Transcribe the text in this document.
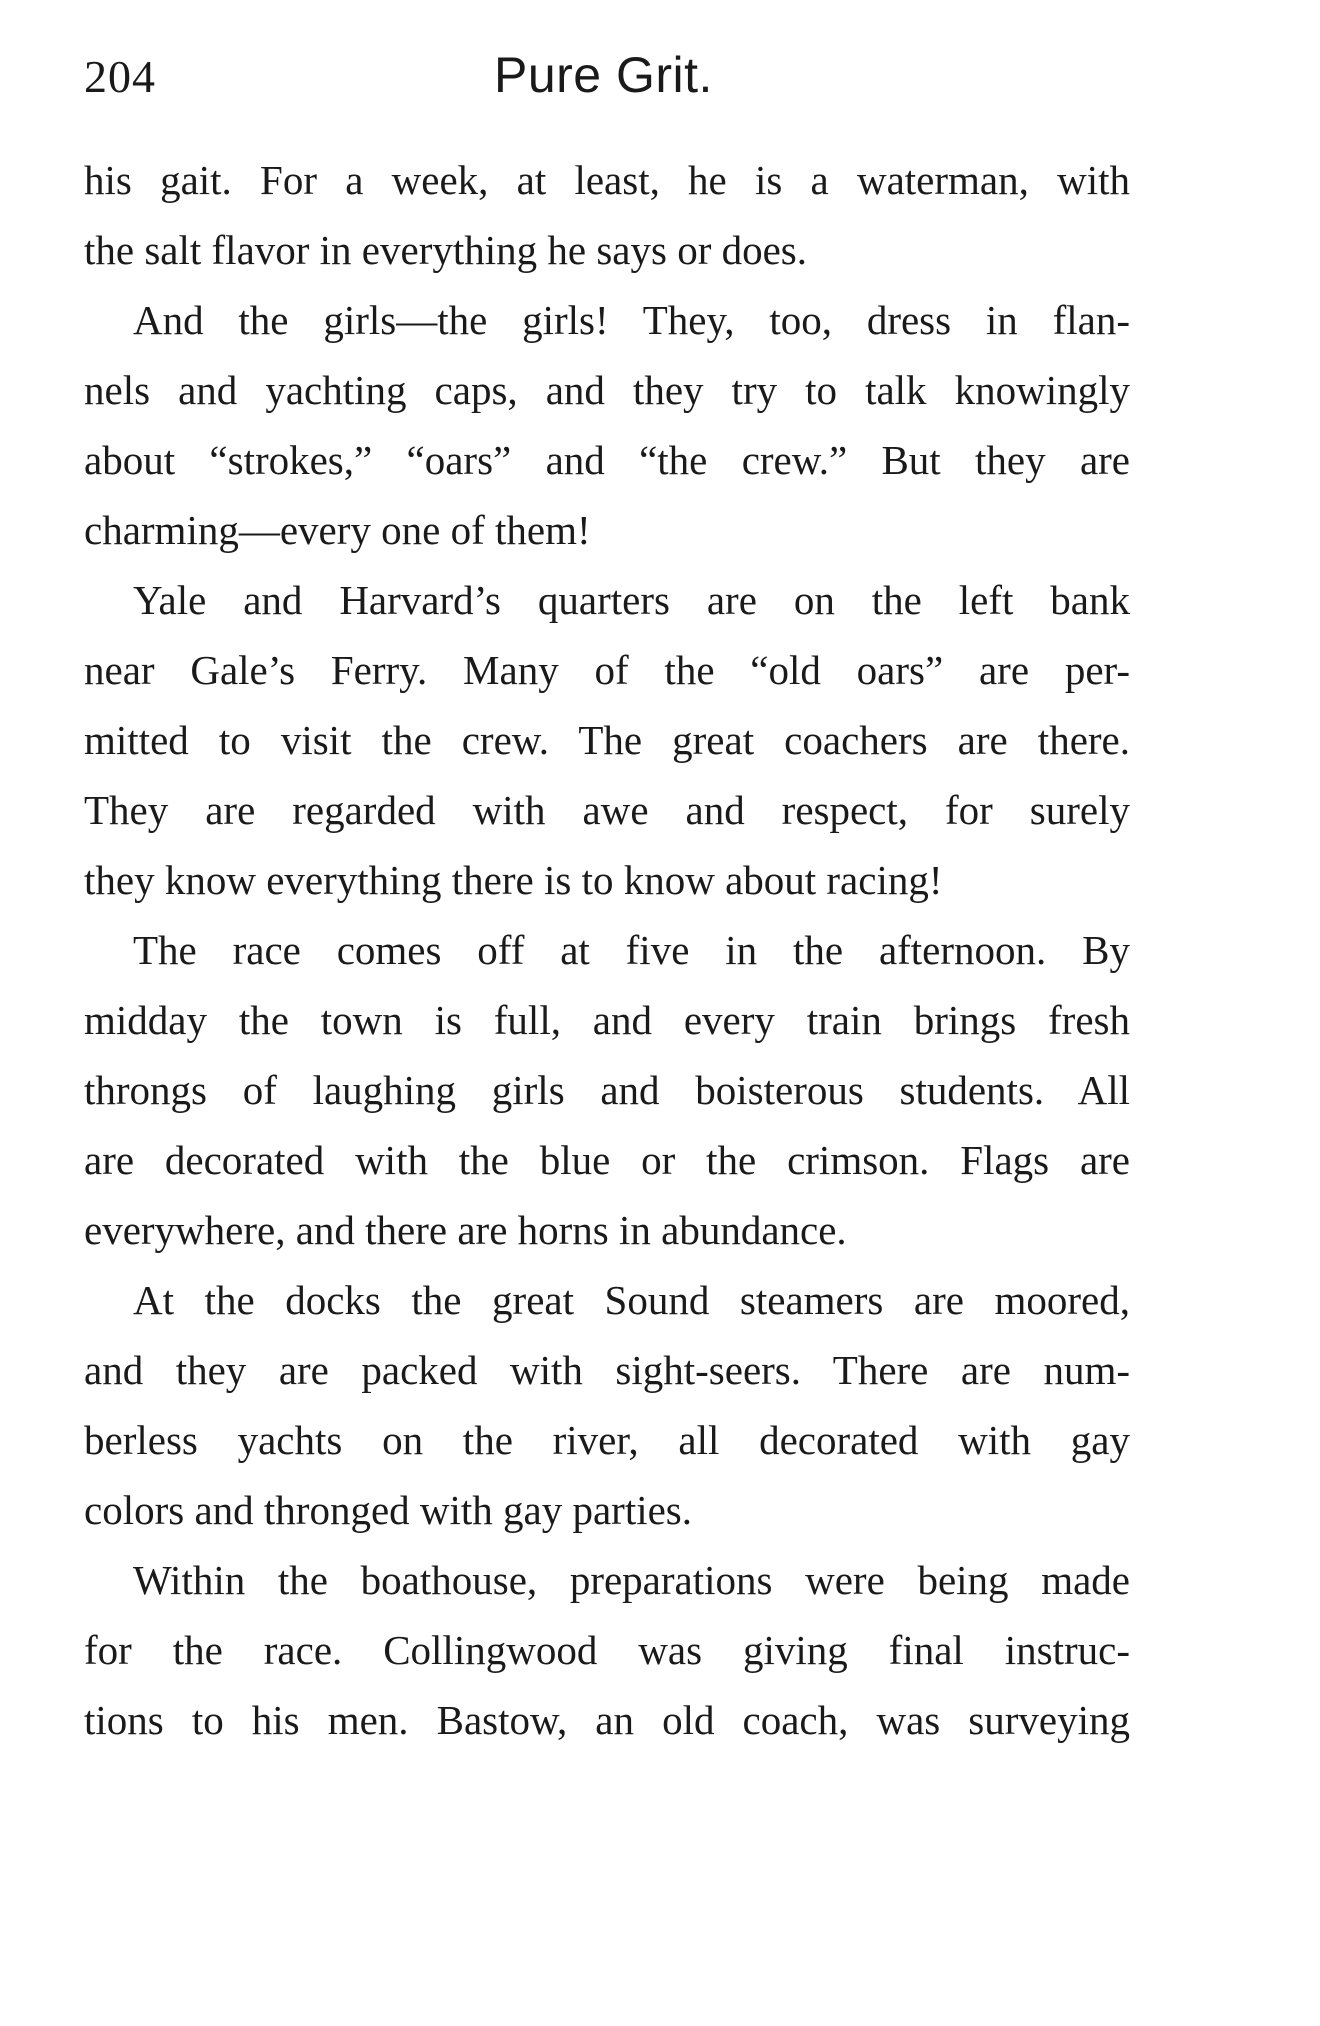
204	Pure Grit.
his gait. For a week, at least, he is a waterman, with
the salt flavor in everything he says or does.
And the girls—the girls! They, too, dress in flan-
nels and yachting caps, and they try to talk knowingly
about “strokes,” “oars” and “the crew.” But they are
charming—every one of them!
Yale and Harvard’s quarters are on the left bank
near Gale’s Ferry. Many of the “old oars” are per-
mitted to visit the crew. The great coachers are there.
They are regarded with awe and respect, for surely
they know everything there is to know about racing!
The race comes off at five in the afternoon. By
midday the town is full, and every train brings fresh
throngs of laughing girls and boisterous students. All
are decorated with the blue or the crimson. Flags are
everywhere, and there are horns in abundance.
At the docks the great Sound steamers are moored,
and they are packed with sight-seers. There are num-
berless yachts on the river, all decorated with gay
colors and thronged with gay parties.
Within the boathouse, preparations were being made
for the race. Collingwood was giving final instruc-
tions to his men. Bastow, an old coach, was surveying
